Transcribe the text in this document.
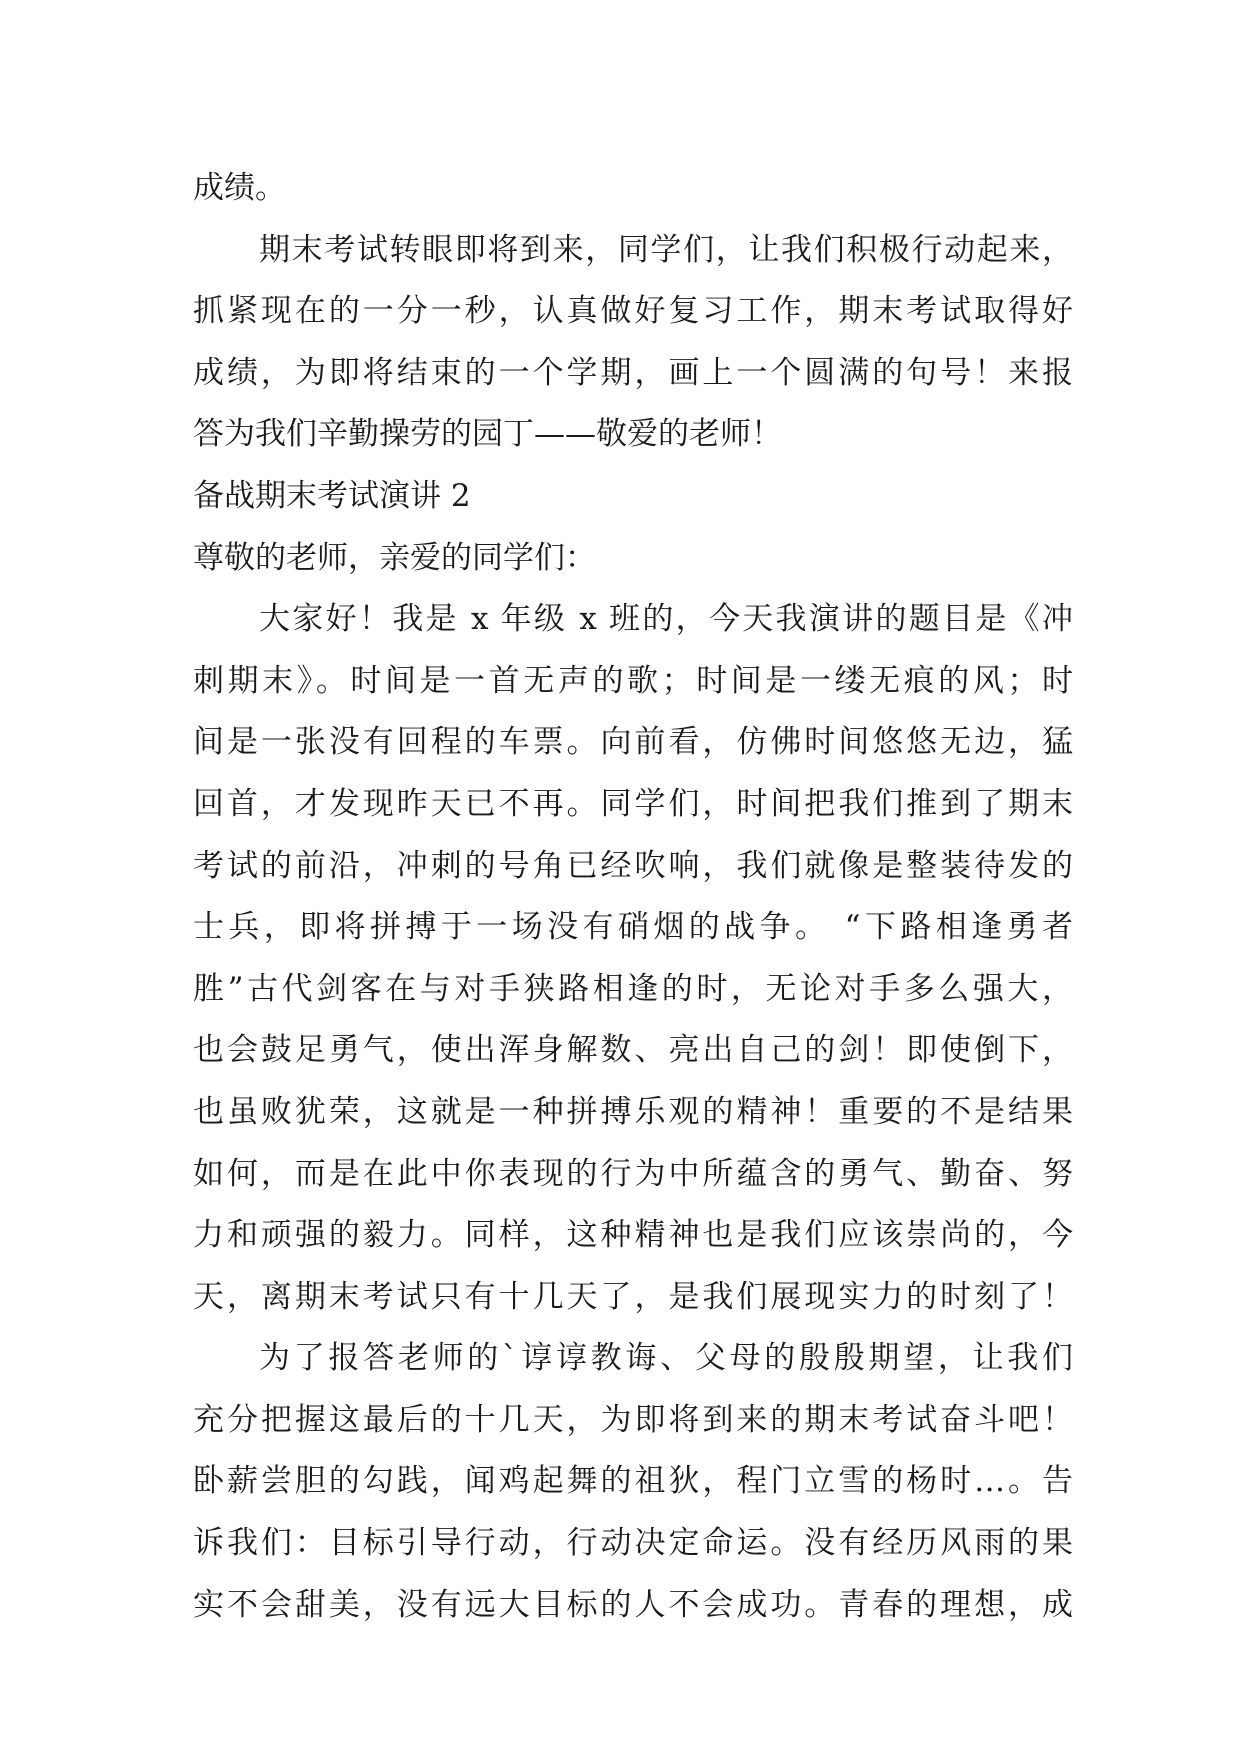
成绩。
期末考试转眼即将到来，同学们，让我们积极行动起来，
抓紧现在的一分一秒，认真做好复习工作，期末考试取得好
成绩，为即将结束的一个学期，画上一个圆满的句号！来报
答为我们辛勤操劳的园丁——敬爱的老师！
备战期末考试演讲 2
尊敬的老师，亲爱的同学们：
大家好！我是 x 年级 x 班的，今天我演讲的题目是《冲
刺期末》。时间是一首无声的歌；时间是一缕无痕的风；时
间是一张没有回程的车票。向前看，仿佛时间悠悠无边，猛
回首，才发现昨天已不再。同学们，时间把我们推到了期末
考试的前沿，冲刺的号角已经吹响，我们就像是整装待发的
士兵，即将拼搏于一场没有硝烟的战争。 “下路相逢勇者
胜”古代剑客在与对手狭路相逢的时，无论对手多么强大，
也会鼓足勇气，使出浑身解数、亮出自己的剑！即使倒下，
也虽败犹荣，这就是一种拼搏乐观的精神！重要的不是结果
如何，而是在此中你表现的行为中所蕴含的勇气、勤奋、努
力和顽强的毅力。同样，这种精神也是我们应该崇尚的，今
天，离期末考试只有十几天了，是我们展现实力的时刻了！
为了报答老师的`谆谆教诲、父母的殷殷期望，让我们
充分把握这最后的十几天，为即将到来的期末考试奋斗吧！
卧薪尝胆的勾践，闻鸡起舞的祖狄，程门立雪的杨时…。告
诉我们：目标引导行动，行动决定命运。没有经历风雨的果
实不会甜美，没有远大目标的人不会成功。青春的理想，成
